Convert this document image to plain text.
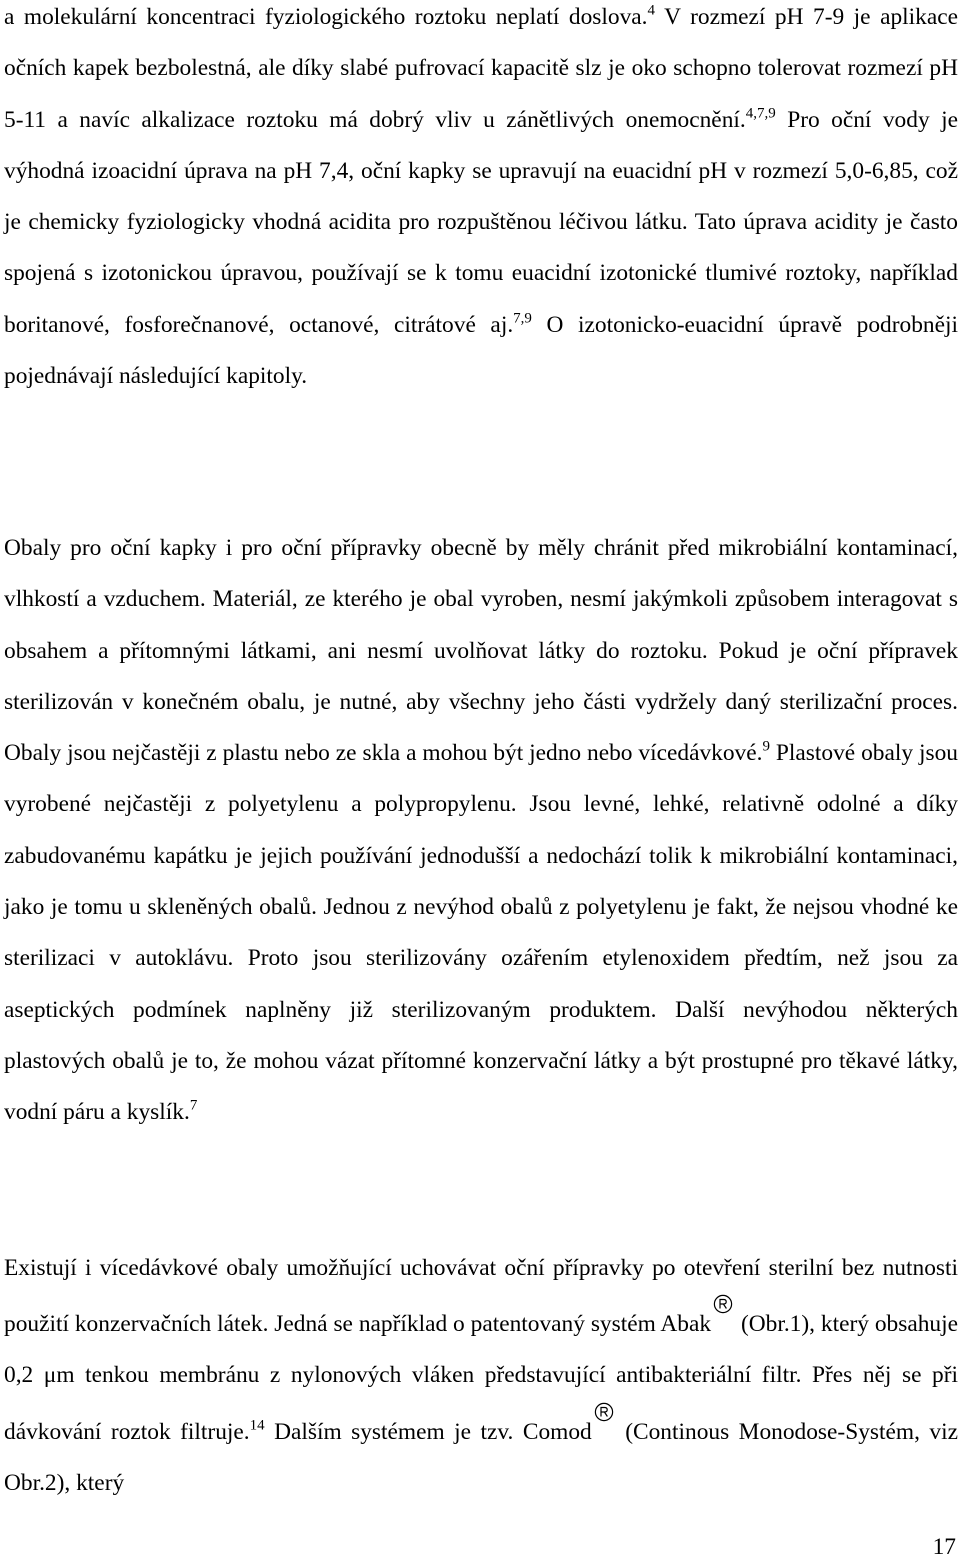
a molekulární koncentraci fyziologického roztoku neplatí doslova.$^4$ V rozmezí pH 7-9 je aplikace očních kapek bezbolestná, ale díky slabé pufrovací kapacitě slz je oko schopno tolerovat rozmezí pH 5-11 a navíc alkalizace roztoku má dobrý vliv u zánětlivých onemocnění.$^{4,7,9}$ Pro oční vody je výhodná izoacidní úprava na pH 7,4, oční kapky se upravují na euacidní pH v rozmezí 5,0-6,85, což je chemicky fyziologicky vhodná acidita pro rozpuštěnou léčivou látku. Tato úprava acidity je často spojená s izotonickou úpravou, používají se k tomu euacidní izotonické tlumivé roztoky, například boritanové, fosforečnanové, octanové, citrátové aj.$^{7,9}$ O izotonicko-euacidní úpravě podrobněji pojednávají následující kapitoly.

Obaly pro oční kapky i pro oční přípravky obecně by měly chránit před mikrobiální kontaminací, vlhkostí a vzduchem. Materiál, ze kterého je obal vyroben, nesmí jakýmkoli způsobem interagovat s obsahem a přítomnými látkami, ani nesmí uvolňovat látky do roztoku. Pokud je oční přípravek sterilizován v konečném obalu, je nutné, aby všechny jeho části vydržely daný sterilizační proces. Obaly jsou nejčastěji z plastu nebo ze skla a mohou být jedno nebo vícedávkové.$^9$ Plastové obaly jsou vyrobené nejčastěji z polyetylenu a polypropylenu. Jsou levné, lehké, relativně odolné a díky zabudovanému kapátku je jejich používání jednodušší a nedochází tolik k mikrobiální kontaminaci, jako je tomu u skleněných obalů. Jednou z nevýhod obalů z polyetylenu je fakt, že nejsou vhodné ke sterilizaci v autoklávu. Proto jsou sterilizovány ozářením etylenoxidem předtím, než jsou za aseptických podmínek naplněny již sterilizovaným produktem. Další nevýhodou některých plastových obalů je to, že mohou vázat přítomné konzervační látky a být prostupné pro těkavé látky, vodní páru a kyslík.$^7$

Existují i vícedávkové obaly umožňující uchovávat oční přípravky po otevření sterilní bez nutnosti použití konzervačních látek. Jedná se například o patentovaný systém Abak
(Obr.1), který obsahuje 0,2 μm tenkou membránu z nylonových vláken představující antibakteriální filtr. Přes něj se při dávkování roztok filtruje.$^{14}$ Dalším systémem je tzv. Comod
(Continous Monodose-Systém, viz Obr.2), který

17
